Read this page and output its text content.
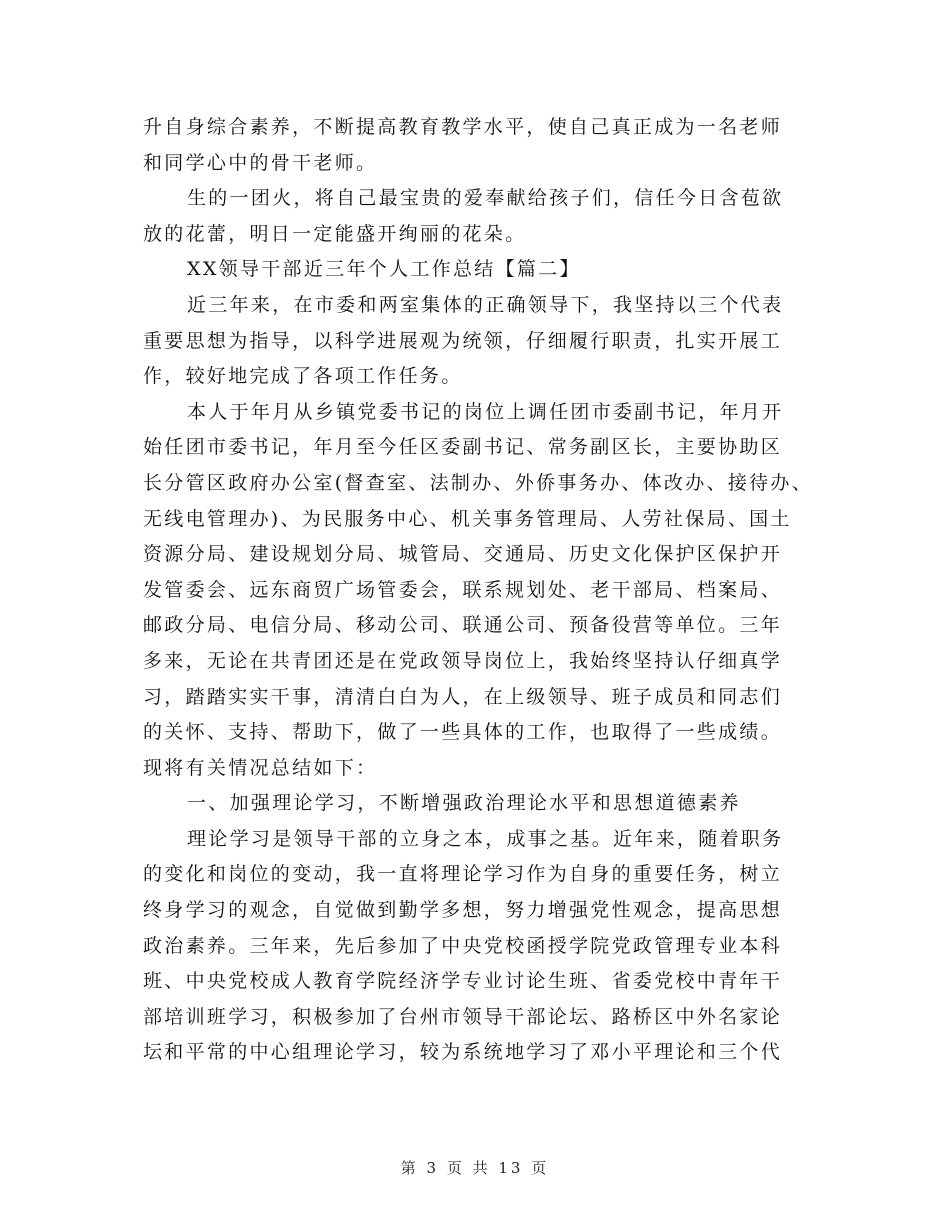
升自身综合素养，不断提高教育教学水平，使自己真正成为一名老师
和同学心中的骨干老师。
生的一团火，将自己最宝贵的爱奉献给孩子们，信任今日含苞欲
放的花蕾，明日一定能盛开绚丽的花朵。
XX领导干部近三年个人工作总结【篇二】
近三年来，在市委和两室集体的正确领导下，我坚持以三个代表
重要思想为指导，以科学进展观为统领，仔细履行职责，扎实开展工
作，较好地完成了各项工作任务。
本人于年月从乡镇党委书记的岗位上调任团市委副书记，年月开
始任团市委书记，年月至今任区委副书记、常务副区长，主要协助区
长分管区政府办公室(督查室、法制办、外侨事务办、体改办、接待办、
无线电管理办)、为民服务中心、机关事务管理局、人劳社保局、国土
资源分局、建设规划分局、城管局、交通局、历史文化保护区保护开
发管委会、远东商贸广场管委会，联系规划处、老干部局、档案局、
邮政分局、电信分局、移动公司、联通公司、预备役营等单位。三年
多来，无论在共青团还是在党政领导岗位上，我始终坚持认仔细真学
习，踏踏实实干事，清清白白为人，在上级领导、班子成员和同志们
的关怀、支持、帮助下，做了一些具体的工作，也取得了一些成绩。
现将有关情况总结如下：
一、加强理论学习，不断增强政治理论水平和思想道德素养
理论学习是领导干部的立身之本，成事之基。近年来，随着职务
的变化和岗位的变动，我一直将理论学习作为自身的重要任务，树立
终身学习的观念，自觉做到勤学多想，努力增强党性观念，提高思想
政治素养。三年来，先后参加了中央党校函授学院党政管理专业本科
班、中央党校成人教育学院经济学专业讨论生班、省委党校中青年干
部培训班学习，积极参加了台州市领导干部论坛、路桥区中外名家论
坛和平常的中心组理论学习，较为系统地学习了邓小平理论和三个代
第 3 页 共 13 页
